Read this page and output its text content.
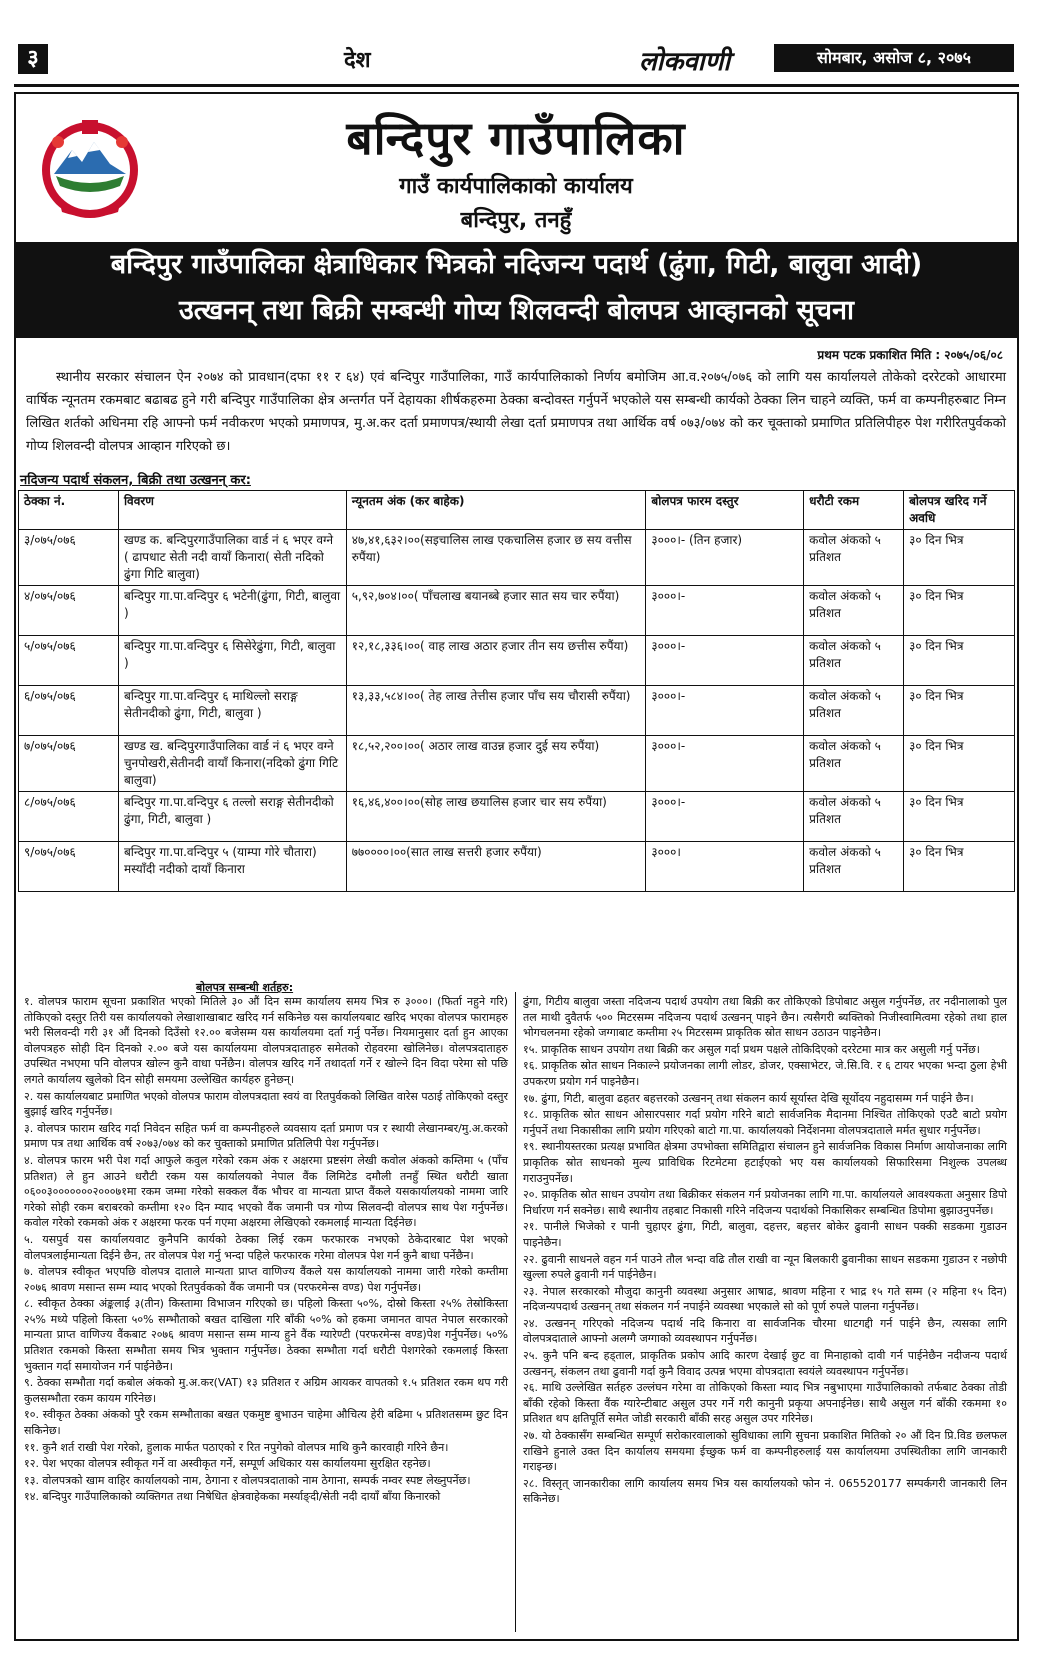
३	देश	लोकवाणी	सोमबार, असोज ८, २०७५
बन्दिपुर गाउँपालिका
गाउँ कार्यपालिकाको कार्यालय
बन्दिपुर, तनहुँ
बन्दिपुर गाउँपालिका क्षेत्राधिकार भित्रको नदिजन्य पदार्थ (ढुंगा, गिटी, बालुवा आदी)
उत्खनन् तथा बिक्री सम्बन्धी गोप्य शिलवन्दी बोलपत्र आव्हानको सूचना
प्रथम पटक प्रकाशित मिति : २०७५/०६/०८
स्थानीय सरकार संचालन ऐन २०७४ को प्रावधान(दफा ११ र ६४) एवं बन्दिपुर गाउँपालिका, गाउँ कार्यपालिकाको निर्णय बमोजिम आ.व.२०७५/०७६ को लागि यस कार्यालयले तोकेको दररेटको आधारमा वार्षिक न्यूनतम रकमबाट बढाबढ हुने गरी बन्दिपुर गाउँपालिका क्षेत्र अन्तर्गत पर्ने देहायका शीर्षकहरुमा ठेक्का बन्दोवस्त गर्नुपर्ने भएकोले यस सम्बन्धी कार्यको ठेक्का लिन चाहने व्यक्ति, फर्म वा कम्पनीहरुबाट निम्न लिखित शर्तको अधिनमा रहि आफ्नो फर्म नवीकरण भएको प्रमाणपत्र, मु.अ.कर दर्ता प्रमाणपत्र/स्थायी लेखा दर्ता प्रमाणपत्र तथा आर्थिक वर्ष ०७३/०७४ को कर चूक्ताको प्रमाणित प्रतिलिपीहरु पेश गरीरितपुर्वकको गोप्य शिलवन्दी वोलपत्र आव्हान गरिएको छ।
नदिजन्य पदार्थ संकलन, बिक्री तथा उत्खनन् कर:
ठेक्का नं.	विवरण	न्यूनतम अंक (कर बाहेक)	बोलपत्र फारम दस्तुर	धरौटी रकम	बोलपत्र खरिद गर्ने अवधि
३/०७५/०७६	खण्ड क. बन्दिपुरगाउँपालिका वार्ड नं ६ भएर वग्ने ( ढापधाट सेती नदी वायाँ किनारा( सेती नदिको ढुंगा गिटि बालुवा)	४७,४१,६३२।००(सइचालिस लाख एकचालिस हजार छ सय वत्तीस रुपैंया)	३०००।- (तिन हजार)	कवोल अंकको ५ प्रतिशत	३० दिन भित्र
४/०७५/०७६	बन्दिपुर गा.पा.वन्दिपुर ६ भटेनी(ढुंगा, गिटी, बालुवा )	५,९२,७०४।००( पाँचलाख बयानब्बे हजार सात सय चार रुपैंया)	३०००।-	कवोल अंकको ५ प्रतिशत	३० दिन भित्र
५/०७५/०७६	बन्दिपुर गा.पा.वन्दिपुर ६ सिसेरेढुंगा, गिटी, बालुवा )	१२,१८,३३६।००( वाह लाख अठार हजार तीन सय छत्तीस रुपैंया)	३०००।-	कवोल अंकको ५ प्रतिशत	३० दिन भित्र
६/०७५/०७६	बन्दिपुर गा.पा.वन्दिपुर ६ माथिल्लो सराङ्ग सेतीनदीको ढुंगा, गिटी, बालुवा )	१३,३३,५८४।००( तेह लाख तेत्तीस हजार पाँच सय चौरासी रुपैंया)	३०००।-	कवोल अंकको ५ प्रतिशत	३० दिन भित्र
७/०७५/०७६	खण्ड ख. बन्दिपुरगाउँपालिका वार्ड नं ६ भएर वग्ने चुनपोखरी,सेतीनदी वायाँ किनारा(नदिको ढुंगा गिटि बालुवा)	१८,५२,२००।००( अठार लाख वाउन्न हजार दुई सय रुपैंया)	३०००।-	कवोल अंकको ५ प्रतिशत	३० दिन भित्र
८/०७५/०७६	बन्दिपुर गा.पा.वन्दिपुर ६ तल्लो सराङ्ग सेतीनदीको ढुंगा, गिटी, बालुवा )	१६,४६,४००।००(सोह लाख छयालिस हजार चार सय रुपैंया)	३०००।-	कवोल अंकको ५ प्रतिशत	३० दिन भित्र
९/०७५/०७६	बन्दिपुर गा.पा.वन्दिपुर ५ (याम्पा गोरे चौतारा) मस्याँदी नदीको दायाँ किनारा	७७००००।००(सात लाख सत्तरी हजार रुपैंया)	३०००।	कवोल अंकको ५ प्रतिशत	३० दिन भित्र
बोलपत्र सम्बन्धी शर्तहरु:

१. वोलपत्र फाराम सूचना प्रकाशित भएको मितिले ३० औं दिन सम्म कार्यालय समय भित्र रु ३०००। (फिर्ता नहुने गरि) तोकिएको दस्तुर तिरी यस कार्यालयको लेखाशाखाबाट खरिद गर्न सकिनेछ यस कार्यालयबाट खरिद भएका वोलपत्र फारामहरु भरी सिलवन्दी गरी ३१ औं दिनको दिउँसो १२.०० बजेसम्म यस कार्यालयमा दर्ता गर्नु पर्नेछ। नियमानुसार दर्ता हुन आएका वोलपत्रहरु सोही दिन दिनको २.०० बजे यस कार्यालयमा वोलपत्रदाताहरु समेतको रोहवरमा खोलिनेछ। वोलपत्रदाताहरु उपस्थित नभएमा पनि वोलपत्र खोल्न कुनै वाधा पर्नेछैन। वोलपत्र खरिद गर्ने तथादर्ता गर्ने र खोल्ने दिन विदा परेमा सो पछि लगते कार्यालय खुलेको दिन सोही समयमा उल्लेखित कार्यहरु हुनेछन्।

२. यस कार्यालयबाट प्रमाणित भएको वोलपत्र फाराम वोलपत्रदाता स्वयं वा रितपुर्वकको लिखित वारेस पठाई तोकिएको दस्तुर बुझाई खरिद गर्नुपर्नेछ।

३. वोलपत्र फाराम खरिद गर्दा निवेदन सहित फर्म वा कम्पनीहरुले व्यवसाय दर्ता प्रमाण पत्र र स्थायी लेखानम्बर/मु.अ.करको प्रमाण पत्र तथा आर्थिक वर्ष २०७३/०७४ को कर चुक्ताको प्रमाणित प्रतिलिपी पेश गर्नुपर्नेछ।

४. वोलपत्र फारम भरी पेश गर्दा आफुले कवुल गरेको रकम अंक र अक्षरमा प्रष्टसंग लेखी कवोल अंकको कम्तिमा ५ (पाँच प्रतिशत) ले हुन आउने धरौटी रकम यस कार्यालयको नेपाल वैंक लिमिटेड दमौली तनहुँ स्थित धरौटी खाता ०६००३०००००००२०००७१मा रकम जम्मा गरेको सक्कल वैंक भौचर वा मान्यता प्राप्त वैंकले यसकार्यालयको नाममा जारि गरेको सोही रकम बराबरको कम्तीमा १२० दिन म्याद भएको वैंक जमानी पत्र गोप्य सिलवन्दी वोलपत्र साथ पेश गर्नुपर्नेछ। कवोल गरेको रकमको अंक र अक्षरमा फरक पर्न गएमा अक्षरमा लेखिएको रकमलाई मान्यता दिईनेछ।

५. यसपुर्व यस कार्यालयवाट कुनैपनि कार्यको ठेक्का लिई रकम फरफारक नभएको ठेकेदारबाट पेश भएको वोलपत्रलाईमान्यता दिईने छैन, तर वोलपत्र पेश गर्नु भन्दा पहिले फरफारक गरेमा वोलपत्र पेश गर्न कुनै बाधा पर्नेछैन।

७. वोलपत्र स्वीकृत भएपछि वोलपत्र दाताले मान्यता प्राप्त वाणिज्य वैंकले यस कार्यालयको नाममा जारी गरेको कम्तीमा २०७६ श्रावण मसान्त सम्म म्याद भएको रितपुर्वकको वैंक जमानी पत्र (परफरमेन्स वण्ड) पेश गर्नुपर्नेछ।

८. स्वीकृत ठेक्का अंङ्कलाई ३(तीन) किस्तामा विभाजन गरिएको छ। पहिलो किस्ता ५०%, दोस्रो किस्ता २५% तेस्रोकिस्ता २५% मध्ये पहिलो किस्ता ५०% सम्भौताको बखत दाखिला गरि बाँकी ५०% को हकमा जमानत वापत नेपाल सरकारको मान्यता प्राप्त वाणिज्य वैंकबाट २०७६ श्रावण मसान्त सम्म मान्य हुने वैंक ग्यारेण्टी (परफरमेन्स वण्ड)पेश गर्नुपर्नेछ। ५०% प्रतिशत रकमको किस्ता सम्भौता समय भित्र भुक्तान गर्नुपर्नेछ। ठेक्का सम्भौता गर्दा धरौटी पेशगरेको रकमलाई किस्ता भुक्तान गर्दा समायोजन गर्न पाईनेछैन।

९. ठेक्का सम्भौता गर्दा कबोल अंकको मु.अ.कर(VAT) १३ प्रतिशत र अग्रिम आयकर वापतको १.५ प्रतिशत रकम थप गरी कुलसम्भौता रकम कायम गरिनेछ।

१०. स्वीकृत ठेक्का अंकको पुरै रकम सम्भौताका बखत एकमुष्ट बुभाउन चाहेमा औचित्य हेरी बढिमा ५ प्रतिशतसम्म छुट दिन सकिनेछ।

११. कुनै शर्त राखी पेश गरेको, हुलाक मार्फत पठाएको र रित नपुगेको वोलपत्र माथि कुनै कारवाही गरिने छैन।

१२. पेश भएका वोलपत्र स्वीकृत गर्ने वा अस्वीकृत गर्ने, सम्पूर्ण अधिकार यस कार्यालयमा सुरक्षित रहनेछ।

१३. वोलपत्रको खाम वाहिर कार्यालयको नाम, ठेगाना र वोलपत्रदाताको नाम ठेगाना, सम्पर्क नम्वर स्पष्ट लेख्नुपर्नेछ।

१४. बन्दिपुर गाउँपालिकाको व्यक्तिगत तथा निषेधित क्षेत्रवाहेकका मर्स्याङ्दी/सेती नदी दायाँ बाँया किनारको

ढुंगा, गिटीय बालुवा जस्ता नदिजन्य पदार्थ उपयोग तथा बिक्री कर तोकिएको डिपोबाट असुल गर्नुपर्नेछ, तर नदीनालाको पुल तल माथी दुवैतर्फ ५०० मिटरसम्म नदिजन्य पदार्थ उत्खनन् पाइने छैन। त्यसैगरी ब्यक्तिको निजीस्वामित्वमा रहेको तथा हाल भोगचलनमा रहेको जग्गाबाट कम्तीमा २५ मिटरसम्म प्राकृतिक स्रोत साधन उठाउन पाइनेछैन।

१५. प्राकृतिक साधन उपयोग तथा बिक्री कर असुल गर्दा प्रथम पक्षले तोकिदिएको दररेटमा मात्र कर असुली गर्नु पर्नेछ।

१६. प्राकृतिक स्रोत साधन निकाल्ने प्रयोजनका लागी लोडर, डोजर, एक्साभेटर, जे.सि.वि. र ६ टायर भएका भन्दा ठुला हेभी उपकरण प्रयोग गर्न पाइनेछैन।

१७. ढुंगा, गिटी, बालुवा ढहतर बहत्तरको उत्खनन् तथा संकलन कार्य सूर्यास्त देखि सूर्योदय नहुदासम्म गर्न पाईने छैन।

१८. प्राकृतिक स्रोत साधन ओसारपसार गर्दा प्रयोग गरिने बाटो सार्वजनिक मैदानमा निश्चित तोकिएको एउटै बाटो प्रयोग गर्नुपर्ने तथा निकासीका लागि प्रयोग गरिएको बाटो गा.पा. कार्यालयको निर्देशनमा वोलपत्रदाताले मर्मत सुधार गर्नुपर्नेछ।

१९. स्थानीयस्तरका प्रत्यक्ष प्रभावित क्षेत्रमा उपभोक्ता समितिद्वारा संचालन हुने सार्वजनिक विकास निर्माण आयोजनाका लागि प्राकृतिक स्रोत साधनको मुल्य प्राविधिक रिटमेटमा हटाईएको भए यस कार्यालयको सिफारिसमा निशुल्क उपलब्ध गराउनुपर्नेछ।

२०. प्राकृतिक स्रोत साधन उपयोग तथा बिक्रीकर संकलन गर्न प्रयोजनका लागि गा.पा. कार्यालयले आवश्यकता अनुसार डिपो निर्धारण गर्न सक्नेछ। साथै स्थानीय तहबाट निकासी गरिने नदिजन्य पदार्थको निकासिकर सम्बन्धित डिपोमा बुझाउनुपर्नेछ।

२१. पानीले भिजेको र पानी चुहाएर ढुंगा, गिटी, बालुवा, दहत्तर, बहत्तर बोकेर ढुवानी साधन पक्की सडकमा गुडाउन पाइनेछैन।

२२. ढुवानी साधनले वहन गर्न पाउने तौल भन्दा वढि तौल राखी वा न्यून बिलकारी ढुवानीका साधन सडकमा गुडाउन र नछोपी खुल्ला रुपले ढुवानी गर्न पाईनेछैन।

२३. नेपाल सरकारको मौजुदा कानुनी व्यवस्था अनुसार आषाढ, श्रावण महिना र भाद्र १५ गते सम्म (२ महिना १५ दिन) नदिजन्यपदार्थ उत्खनन् तथा संकलन गर्न नपाईने व्यवस्था भएकाले सो को पूर्ण रुपले पालना गर्नुपर्नेछ।

२४. उत्खनन् गरिएको नदिजन्य पदार्थ नदि किनारा वा सार्वजनिक चौरमा धाटगद्दी गर्न पाईने छैन, त्यसका लागि वोलपत्रदाताले आफ्नो अलग्गै जग्गाको व्यवस्थापन गर्नुपर्नेछ।

२५. कुनै पनि बन्द हड्ताल, प्राकृतिक प्रकोप आदि कारण देखाई छुट वा मिनाहाको दावी गर्न पाईनेछैन नदीजन्य पदार्थ उत्खनन्, संकलन तथा ढुवानी गर्दा कुनै विवाद उत्पन्न भएमा वोपत्रदाता स्वयंले व्यवस्थापन गर्नुपर्नेछ।

२६. माथि उल्लेखित सर्तहरु उल्लंघन गरेमा वा तोकिएको किस्ता म्याद भित्र नबुभाएमा गाउँपालिकाको तर्फबाट ठेक्का तोडी बाँकी रहेको किस्ता वैंक ग्यारेन्टीबाट असुल उपर गर्ने गरी कानुनी प्रकृया अपनाईनेछ। साथै असुल गर्न बाँकी रकममा १० प्रतिशत थप क्षतिपूर्ति समेत जोडी सरकारी बाँकी सरह असुल उपर गरिनेछ।

२७. यो ठेक्कासँग सम्बन्धित सम्पूर्ण सरोकारवालाको सुविधाका लागि सुचना प्रकाशित मितिको २० औं दिन प्रि.विड छलफल राखिने हुनाले उक्त दिन कार्यालय समयमा ईच्छुक फर्म वा कम्पनीहरुलाई यस कार्यालयमा उपस्थितीका लागि जानकारी गराइन्छ।

२८. विस्तृत् जानकारीका लागि कार्यालय समय भित्र यस कार्यालयको फोन नं. 065520177 सम्पर्कगरी जानकारी लिन सकिनेछ।
